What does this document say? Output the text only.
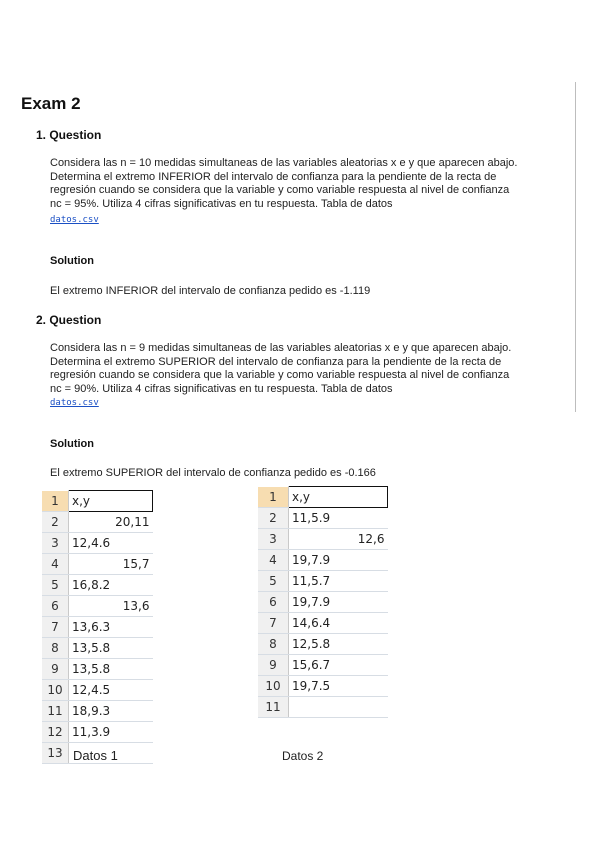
Exam 2
1. Question

Considera las n = 10 medidas simultaneas de las variables aleatorias x e y que aparecen abajo.

Determina el extremo INFERIOR del intervalo de confianza para la pendiente de la recta de

regresión cuando se considera que la variable y como variable respuesta al nivel de confianza

nc = 95%. Utiliza 4 cifras significativas en tu respuesta. Tabla de datos

datos.csv
Solution
El extremo INFERIOR del intervalo de confianza pedido es -1.119
2. Question

Considera las n = 9 medidas simultaneas de las variables aleatorias x e y que aparecen abajo.

Determina el extremo SUPERIOR del intervalo de confianza para la pendiente de la recta de

regresión cuando se considera que la variable y como variable respuesta al nivel de confianza

nc = 90%. Utiliza 4 cifras significativas en tu respuesta. Tabla de datos

datos.csv
Solution
El extremo SUPERIOR del intervalo de confianza pedido es -0.166
1	x,y
2	20,11
3	12,4.6
4	15,7
5	16,8.2
6	13,6
7	13,6.3
8	13,5.8
9	13,5.8
10	12,4.5
11	18,9.3
12	11,3.9
13	
1	x,y
2	11,5.9
3	12,6
4	19,7.9
5	11,5.7
6	19,7.9
7	14,6.4
8	12,5.8
9	15,6.7
10	19,7.5
11	
Datos 1	Datos 2
